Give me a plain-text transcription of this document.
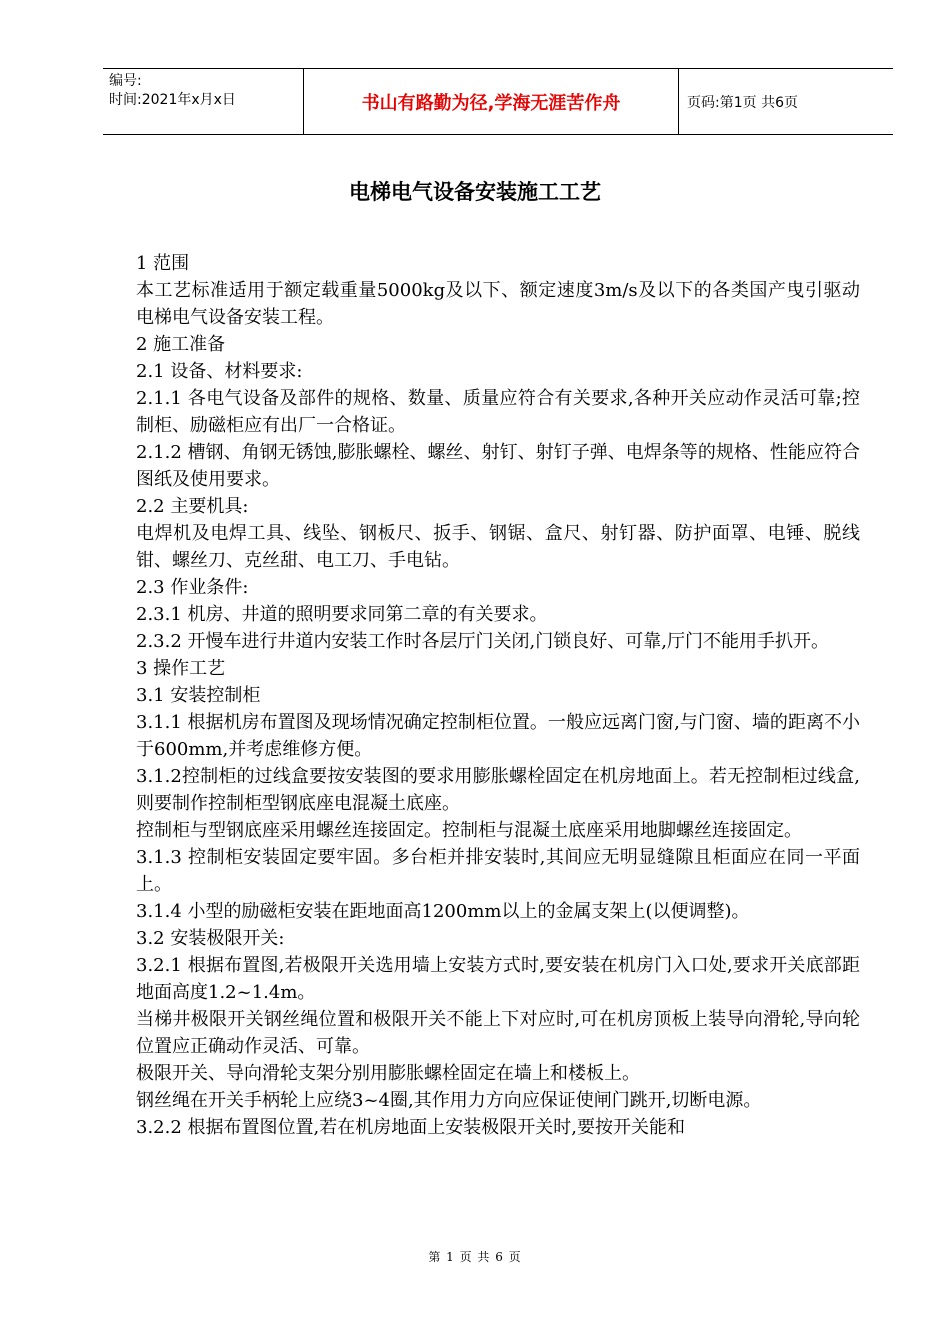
编号:
时间:2021年x月x日	书山有路勤为径,学海无涯苦作舟	页码:第1页 共6页
电梯电气设备安装施工工艺

1 范围

本工艺标准适用于额定载重量5000kg及以下、额定速度3m/s及以下的各类国产曳引驱动电梯电气设备安装工程。

2 施工准备

2.1 设备、材料要求:

2.1.1 各电气设备及部件的规格、数量、质量应符合有关要求,各种开关应动作灵活可靠;控制柜、励磁柜应有出厂一合格证。

2.1.2 槽钢、角钢无锈蚀,膨胀螺栓、螺丝、射钉、射钉子弹、电焊条等的规格、性能应符合图纸及使用要求。

2.2 主要机具:

电焊机及电焊工具、线坠、钢板尺、扳手、钢锯、盒尺、射钉器、防护面罩、电锤、脱线钳、螺丝刀、克丝甜、电工刀、手电钻。

2.3 作业条件:

2.3.1 机房、井道的照明要求同第二章的有关要求。

2.3.2 开慢车进行井道内安装工作时各层厅门关闭,门锁良好、可靠,厅门不能用手扒开。

3 操作工艺

3.1 安装控制柜

3.1.1 根据机房布置图及现场情况确定控制柜位置。一般应远离门窗,与门窗、墙的距离不小于600mm,并考虑维修方便。

3.1.2控制柜的过线盒要按安装图的要求用膨胀螺栓固定在机房地面上。若无控制柜过线盒,则要制作控制柜型钢底座电混凝土底座。

控制柜与型钢底座采用螺丝连接固定。控制柜与混凝土底座采用地脚螺丝连接固定。

3.1.3 控制柜安装固定要牢固。多台柜并排安装时,其间应无明显缝隙且柜面应在同一平面上。

3.1.4 小型的励磁柜安装在距地面高1200mm以上的金属支架上(以便调整)。

3.2 安装极限开关:

3.2.1 根据布置图,若极限开关选用墙上安装方式时,要安装在机房门入口处,要求开关底部距地面高度1.2~1.4m。

当梯井极限开关钢丝绳位置和极限开关不能上下对应时,可在机房顶板上装导向滑轮,导向轮位置应正确动作灵活、可靠。

极限开关、导向滑轮支架分别用膨胀螺栓固定在墙上和楼板上。

钢丝绳在开关手柄轮上应绕3~4圈,其作用力方向应保证使闸门跳开,切断电源。

3.2.2 根据布置图位置,若在机房地面上安装极限开关时,要按开关能和

第 1 页 共 6 页
